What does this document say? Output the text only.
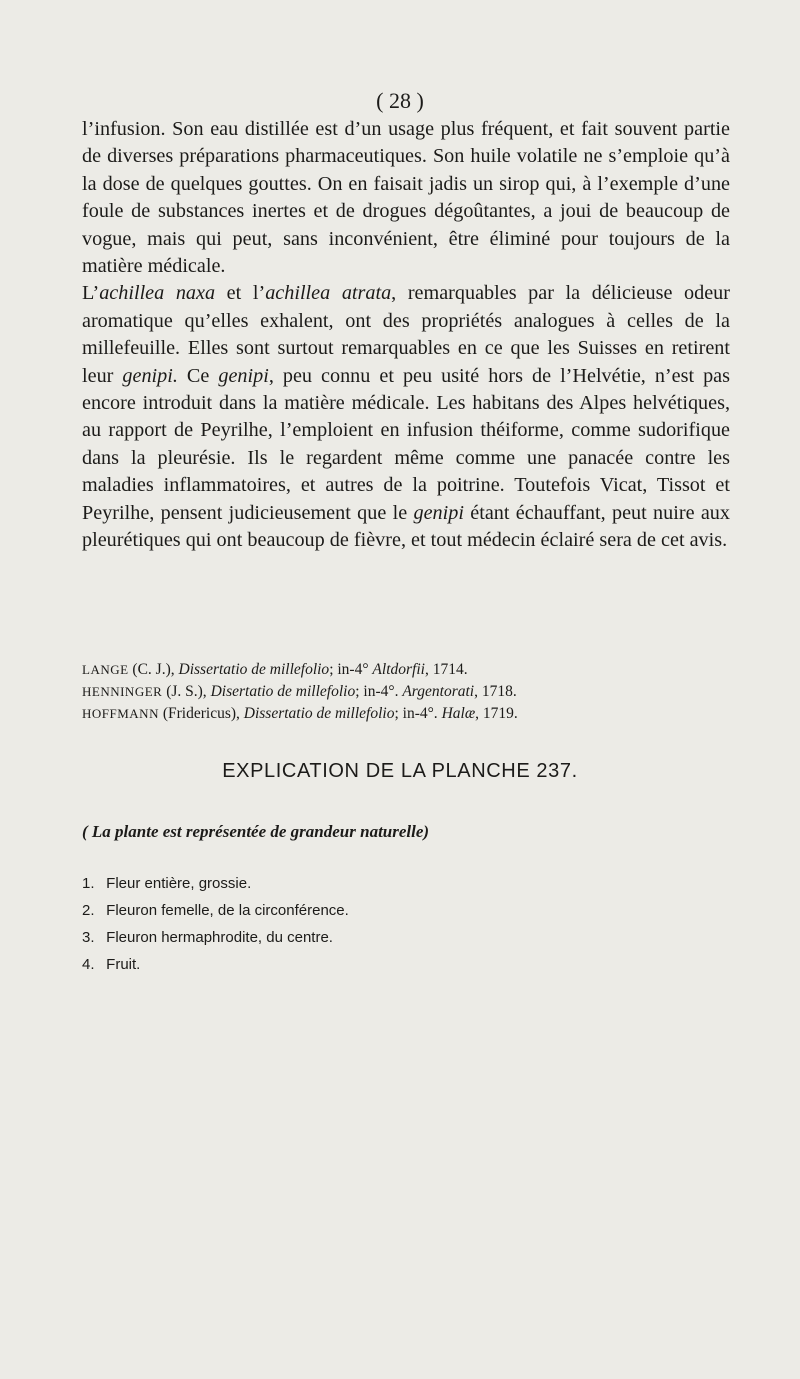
( 28 )

l’infusion. Son eau distillée est d’un usage plus fréquent, et fait souvent partie de diverses préparations pharmaceutiques. Son huile volatile ne s’emploie qu’à la dose de quelques gouttes. On en faisait jadis un sirop qui, à l’exemple d’une foule de substances inertes et de drogues dégoûtantes, a joui de beaucoup de vogue, mais qui peut, sans inconvénient, être éliminé pour toujours de la matière médicale.

L’achillea naxa et l’achillea atrata, remarquables par la délicieuse odeur aromatique qu’elles exhalent, ont des propriétés analogues à celles de la millefeuille. Elles sont surtout remarquables en ce que les Suisses en retirent leur genipi. Ce genipi, peu connu et peu usité hors de l’Helvétie, n’est pas encore introduit dans la matière médicale. Les habitans des Alpes helvétiques, au rapport de Peyrilhe, l’emploient en infusion théiforme, comme sudorifique dans la pleurésie. Ils le regardent même comme une panacée contre les maladies inflammatoires, et autres de la poitrine. Toutefois Vicat, Tissot et Peyrilhe, pensent judicieusement que le genipi étant échauffant, peut nuire aux pleurétiques qui ont beaucoup de fièvre, et tout médecin éclairé sera de cet avis.

LANGE (C. J.), Dissertatio de millefolio; in-4° Altdorfii, 1714.
HENNINGER (J. S.), Disertatio de millefolio; in-4°. Argentorati, 1718.
HOFFMANN (Fridericus), Dissertatio de millefolio; in-4°. Halæ, 1719.
EXPLICATION DE LA PLANCHE 237.

( La plante est représentée de grandeur naturelle)

1. Fleur entière, grossie.
2. Fleuron femelle, de la circonférence.
3. Fleuron hermaphrodite, du centre.
4. Fruit.
